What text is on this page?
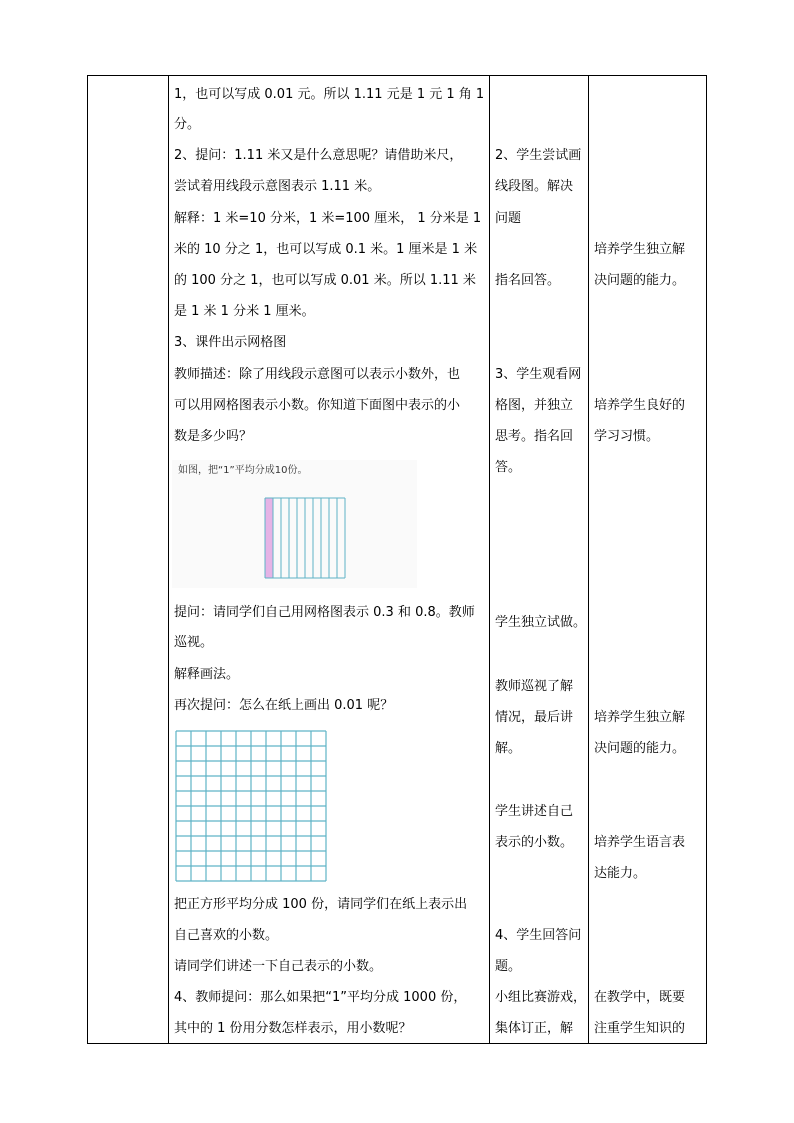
1，也可以写成 0.01 元。所以 1.11 元是 1 元 1 角 1
分。
2、提问：1.11 米又是什么意思呢？请借助米尺，
尝试着用线段示意图表示 1.11 米。
解释：1 米=10 分米，1 米=100 厘米， 1 分米是 1
米的 10 分之 1，也可以写成 0.1 米。1 厘米是 1 米
的 100 分之 1，也可以写成 0.01 米。所以 1.11 米
是 1 米 1 分米 1 厘米。
3、课件出示网格图
教师描述：除了用线段示意图可以表示小数外，也
可以用网格图表示小数。你知道下面图中表示的小
数是多少吗？
如图，把“1”平均分成10份。
提问：请同学们自己用网格图表示 0.3 和 0.8。教师
巡视。
解释画法。
再次提问：怎么在纸上画出 0.01 呢？
把正方形平均分成 100 份，请同学们在纸上表示出
自己喜欢的小数。
请同学们讲述一下自己表示的小数。
4、教师提问：那么如果把“1”平均分成 1000 份，
其中的 1 份用分数怎样表示，用小数呢？
2、学生尝试画
线段图。解决
问题
指名回答。
3、学生观看网
格图，并独立
思考。指名回
答。
学生独立试做。
教师巡视了解
情况，最后讲
解。
学生讲述自己
表示的小数。
4、学生回答问
题。
小组比赛游戏，
集体订正，解
培养学生独立解
决问题的能力。
培养学生良好的
学习习惯。
培养学生独立解
决问题的能力。
培养学生语言表
达能力。
在教学中，既要
注重学生知识的
